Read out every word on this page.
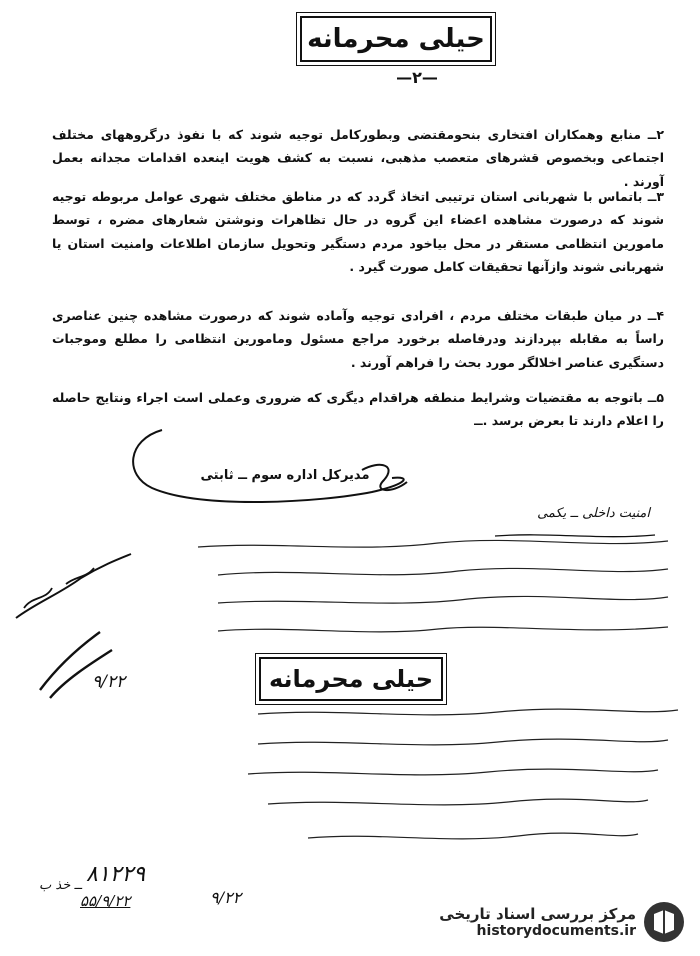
حیلی محرمانه
—۲—

۲ــ منابع وهمکاران افتخاری بنحومقتضی وبطورکامل توجیه شوند که با نفوذ درگروههای مختلف اجتماعی وبخصوص قشرهای متعصب مذهبی، نسبت به کشف هویت اینعده اقدامات مجدانه بعمل آورند .

۳ــ باتماس با شهربانی استان ترتیبی اتخاذ گردد که در مناطق مختلف شهری عوامل مربوطه توجیه شوند که درصورت مشاهده اعضاء این گروه در حال تظاهرات ونوشتن شعارهای مضره ، توسط مامورین انتظامی مستقر در محل بیاخود مردم دستگیر وتحویل سازمان اطلاعات وامنیت استان یا شهربانی شوند وازآنها تحقیقات کامل صورت گیرد .

۴ــ در میان طبقات مختلف مردم ، افرادی توجیه وآماده شوند که درصورت مشاهده چنین عناصری راساً به مقابله بپردازند ودرفاصله برخورد مراجع مسئول ومامورین انتظامی را مطلع وموجبات دستگیری عناصر اخلالگر مورد بحث را فراهم آورند .

۵ــ باتوجه به مقتضیات وشرایط منطقه هراقدام دیگری که ضروری وعملی است اجراء ونتایج حاصله را اعلام دارند تا بعرض برسد .ــ

مدیرکل اداره سوم ــ ثابتی
امنیت داخلی ــ یکمی
حیلی محرمانه
۹/۲۲
ــ خذ ب ۸۱۲۲۹
۵۵/۹/۲۲	۹/۲۲
مرکز بررسی اسناد تاریخی
historydocuments.ir
